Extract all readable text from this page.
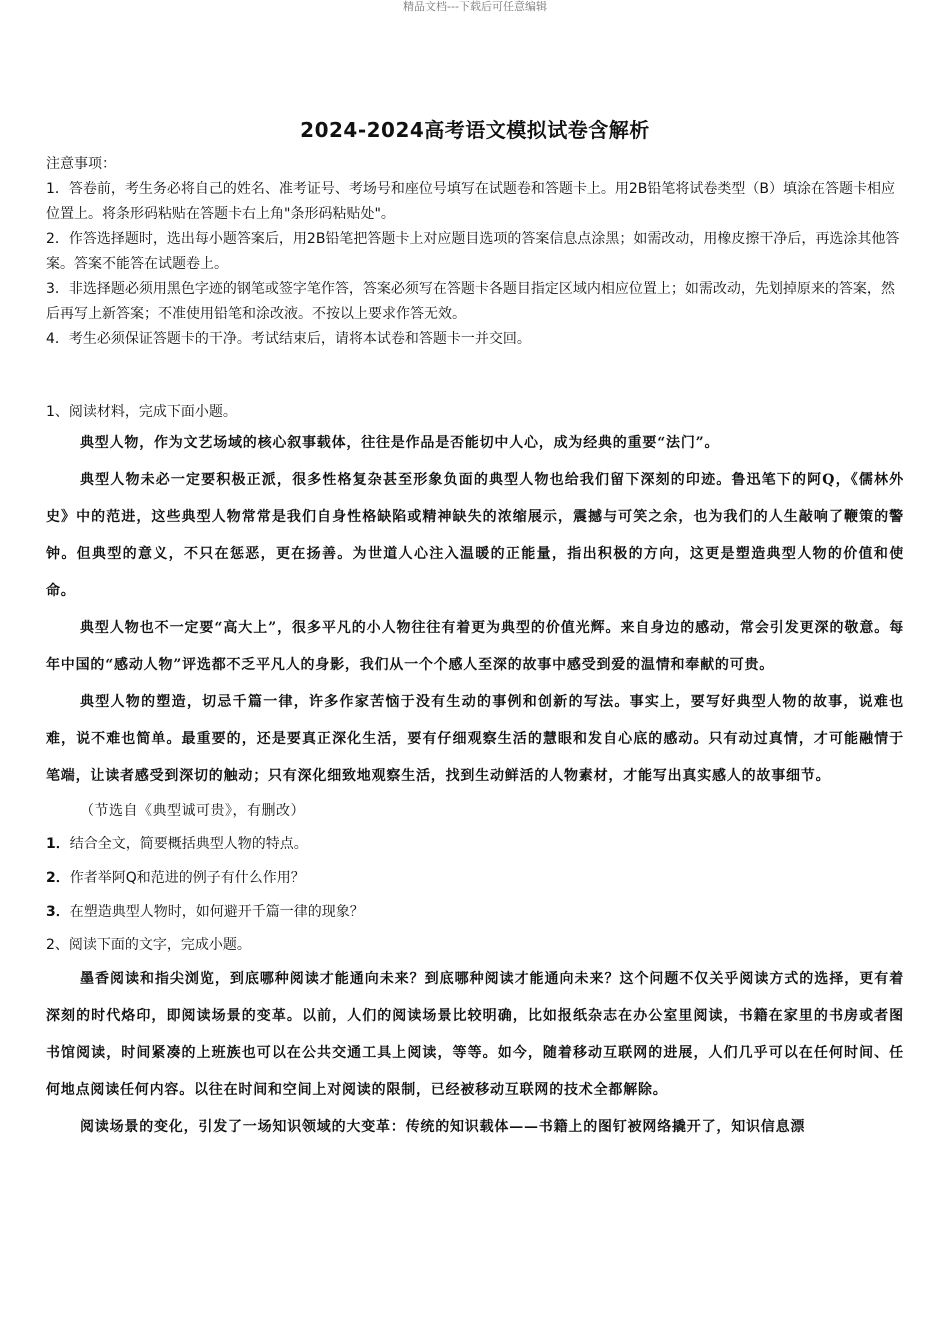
精品文档---下载后可任意编辑
2024-2024高考语文模拟试卷含解析

注意事项：

1．答卷前，考生务必将自己的姓名、准考证号、考场号和座位号填写在试题卷和答题卡上。用2B铅笔将试卷类型（B）填涂在答题卡相应位置上。将条形码粘贴在答题卡右上角"条形码粘贴处"。

2．作答选择题时，选出每小题答案后，用2B铅笔把答题卡上对应题目选项的答案信息点涂黑；如需改动，用橡皮擦干净后，再选涂其他答案。答案不能答在试题卷上。

3．非选择题必须用黑色字迹的钢笔或签字笔作答，答案必须写在答题卡各题目指定区域内相应位置上；如需改动，先划掉原来的答案，然后再写上新答案；不准使用铅笔和涂改液。不按以上要求作答无效。

4．考生必须保证答题卡的干净。考试结束后，请将本试卷和答题卡一并交回。

1、阅读材料，完成下面小题。

典型人物，作为文艺场域的核心叙事载体，往往是作品是否能切中人心，成为经典的重要“法门”。

典型人物未必一定要积极正派，很多性格复杂甚至形象负面的典型人物也给我们留下深刻的印迹。鲁迅笔下的阿Q，《儒林外史》中的范进，这些典型人物常常是我们自身性格缺陷或精神缺失的浓缩展示，震撼与可笑之余，也为我们的人生敲响了鞭策的警钟。但典型的意义，不只在惩恶，更在扬善。为世道人心注入温暖的正能量，指出积极的方向，这更是塑造典型人物的价值和使命。

典型人物也不一定要“高大上”，很多平凡的小人物往往有着更为典型的价值光辉。来自身边的感动，常会引发更深的敬意。每年中国的“感动人物”评选都不乏平凡人的身影，我们从一个个感人至深的故事中感受到爱的温情和奉献的可贵。

典型人物的塑造，切忌千篇一律，许多作家苦恼于没有生动的事例和创新的写法。事实上，要写好典型人物的故事，说难也难，说不难也简单。最重要的，还是要真正深化生活，要有仔细观察生活的慧眼和发自心底的感动。只有动过真情，才可能融情于笔端，让读者感受到深切的触动；只有深化细致地观察生活，找到生动鲜活的人物素材，才能写出真实感人的故事细节。

（节选自《典型诚可贵》，有删改）

1．结合全文，简要概括典型人物的特点。

2．作者举阿Q和范进的例子有什么作用？

3．在塑造典型人物时，如何避开千篇一律的现象？

2、阅读下面的文字，完成小题。

墨香阅读和指尖浏览，到底哪种阅读才能通向未来？到底哪种阅读才能通向未来？这个问题不仅关乎阅读方式的选择，更有着深刻的时代烙印，即阅读场景的变革。以前，人们的阅读场景比较明确，比如报纸杂志在办公室里阅读，书籍在家里的书房或者图书馆阅读，时间紧凑的上班族也可以在公共交通工具上阅读，等等。如今，随着移动互联网的进展，人们几乎可以在任何时间、任何地点阅读任何内容。以往在时间和空间上对阅读的限制，已经被移动互联网的技术全都解除。

阅读场景的变化，引发了一场知识领域的大变革：传统的知识载体——书籍上的图钉被网络撬开了，知识信息漂
